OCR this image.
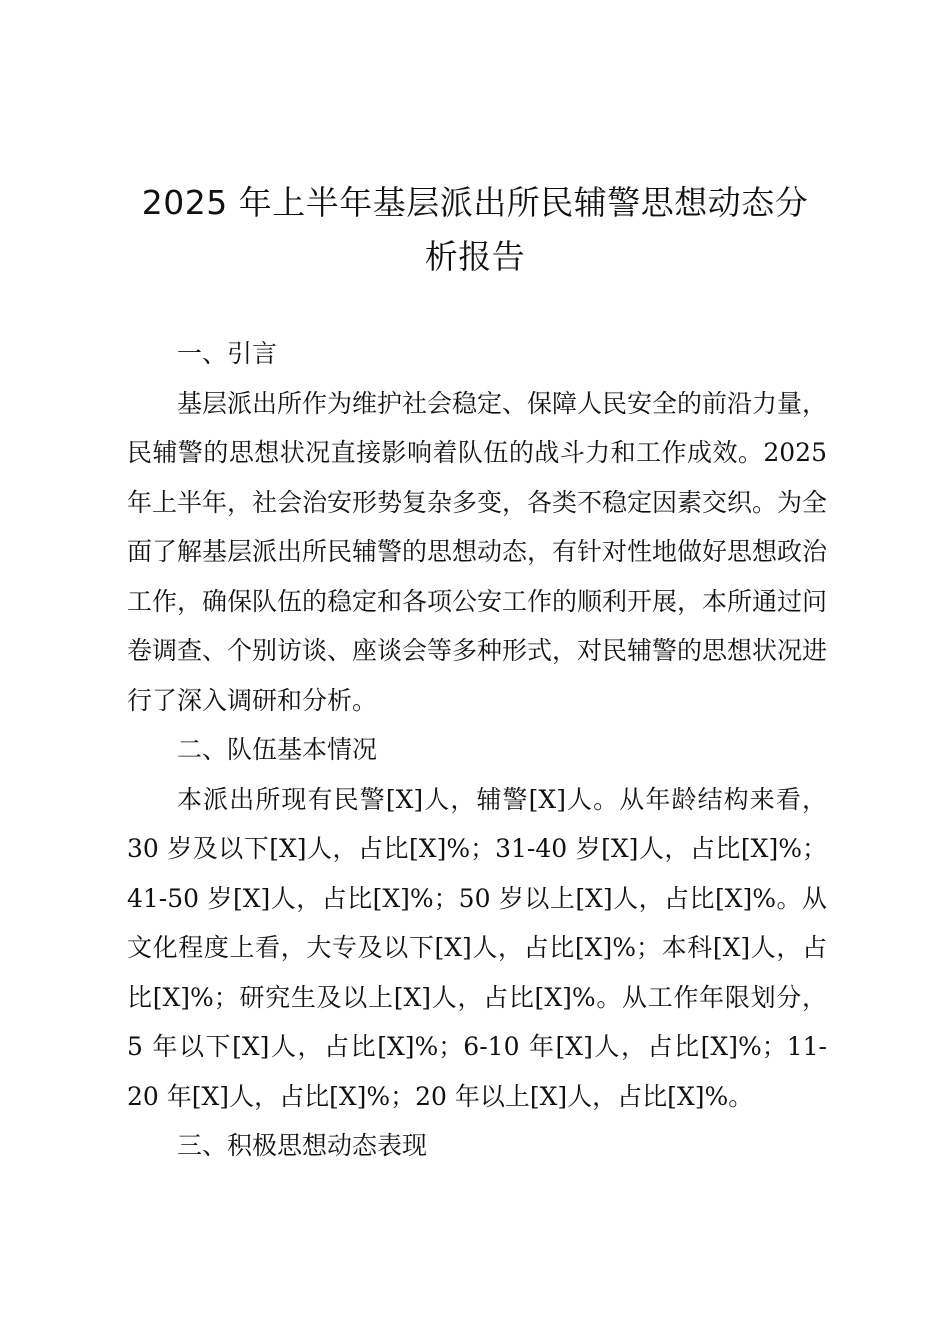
2025 年上半年基层派出所民辅警思想动态分
析报告

一、引言

基层派出所作为维护社会稳定、保障人民安全的前沿力量，民辅警的思想状况直接影响着队伍的战斗力和工作成效。2025 年上半年，社会治安形势复杂多变，各类不稳定因素交织。为全面了解基层派出所民辅警的思想动态，有针对性地做好思想政治工作，确保队伍的稳定和各项公安工作的顺利开展，本所通过问卷调查、个别访谈、座谈会等多种形式，对民辅警的思想状况进行了深入调研和分析。

二、队伍基本情况

本派出所现有民警[X]人，辅警[X]人。从年龄结构来看，30 岁及以下[X]人，占比[X]%；31-40 岁[X]人，占比[X]%；41-50 岁[X]人，占比[X]%；50 岁以上[X]人，占比[X]%。从文化程度上看，大专及以下[X]人，占比[X]%；本科[X]人，占比[X]%；研究生及以上[X]人，占比[X]%。从工作年限划分，5 年以下[X]人，占比[X]%；6-10 年[X]人，占比[X]%；11-20 年[X]人，占比[X]%；20 年以上[X]人，占比[X]%。

三、积极思想动态表现
